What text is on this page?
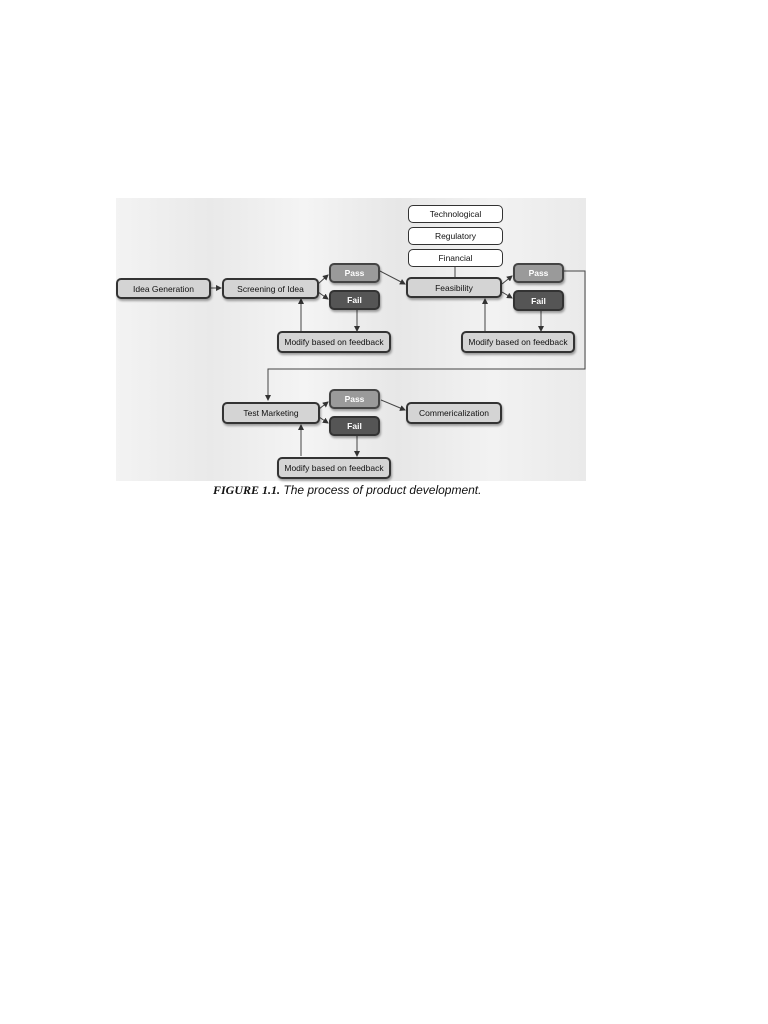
Idea Generation	Screening of Idea
Pass
Fail
Modify based on feedback
Technological
Regulatory
Financial
Feasibility
Pass
Fail
Modify based on feedback
Test Marketing
Pass
Fail
Modify based on feedback
Commericalization
FIGURE 1.1. The process of product development.
